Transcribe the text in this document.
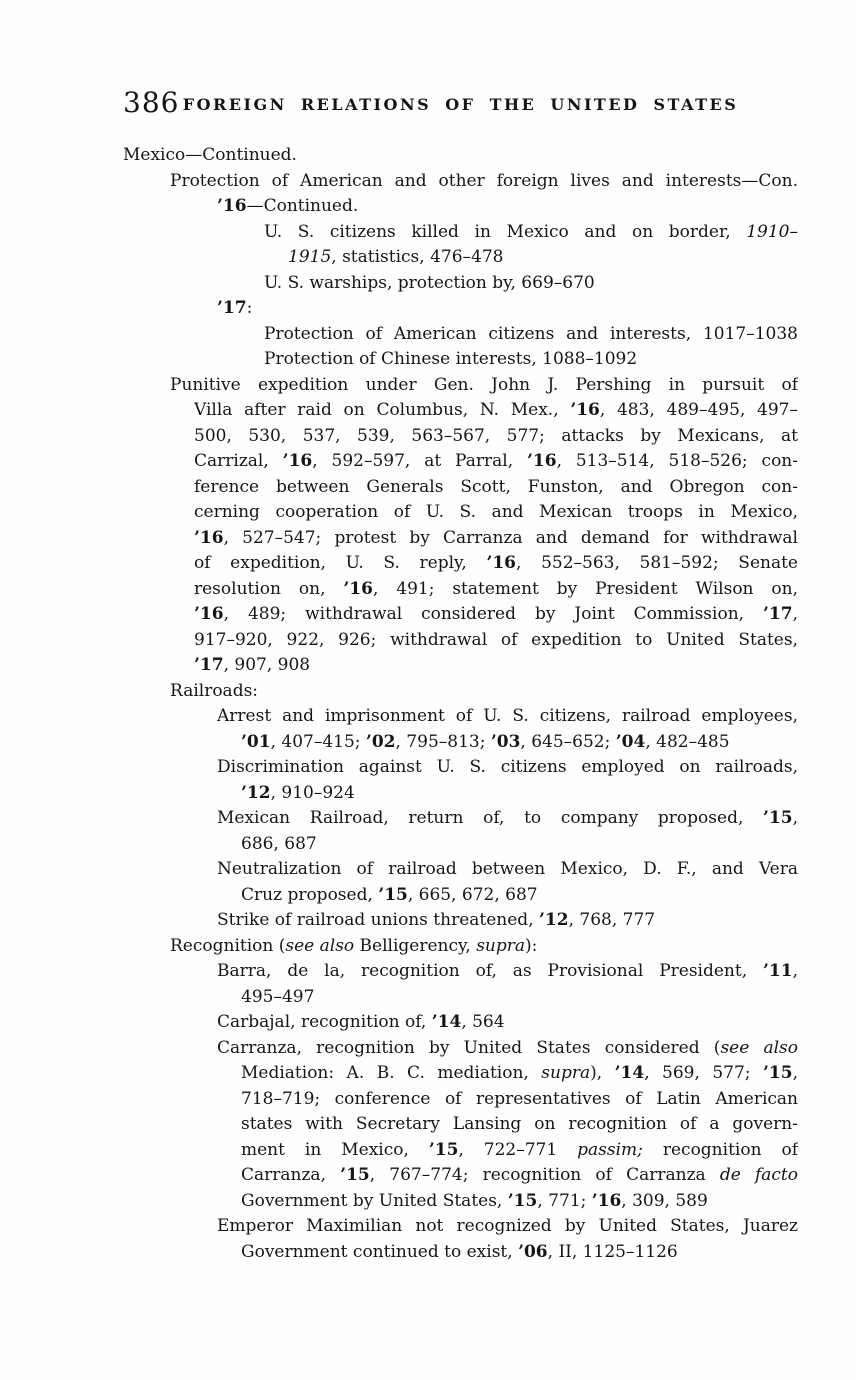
386 FOREIGN RELATIONS OF THE UNITED STATES
Mexico—Continued.
Protection of American and other foreign lives and interests—Con.
’16—Continued.
U. S. citizens killed in Mexico and on border, 1910–
1915, statistics, 476–478
U. S. warships, protection by, 669–670
’17:
Protection of American citizens and interests, 1017–1038
Protection of Chinese interests, 1088–1092
Punitive expedition under Gen. John J. Pershing in pursuit of
Villa after raid on Columbus, N. Mex., ’16, 483, 489–495, 497–
500, 530, 537, 539, 563–567, 577; attacks by Mexicans, at
Carrizal, ’16, 592–597, at Parral, ’16, 513–514, 518–526; con-
ference between Generals Scott, Funston, and Obregon con-
cerning cooperation of U. S. and Mexican troops in Mexico,
’16, 527–547; protest by Carranza and demand for withdrawal
of expedition, U. S. reply, ’16, 552–563, 581–592; Senate
resolution on, ’16, 491; statement by President Wilson on,
’16, 489; withdrawal considered by Joint Commission, ’17,
917–920, 922, 926; withdrawal of expedition to United States,
’17, 907, 908
Railroads:
Arrest and imprisonment of U. S. citizens, railroad employees,
’01, 407–415; ’02, 795–813; ’03, 645–652; ’04, 482–485
Discrimination against U. S. citizens employed on railroads,
’12, 910–924
Mexican Railroad, return of, to company proposed, ’15,
686, 687
Neutralization of railroad between Mexico, D. F., and Vera
Cruz proposed, ’15, 665, 672, 687
Strike of railroad unions threatened, ’12, 768, 777
Recognition (see also Belligerency, supra):
Barra, de la, recognition of, as Provisional President, ’11,
495–497
Carbajal, recognition of, ’14, 564
Carranza, recognition by United States considered (see also
Mediation: A. B. C. mediation, supra), ’14, 569, 577; ’15,
718–719; conference of representatives of Latin American
states with Secretary Lansing on recognition of a govern-
ment in Mexico, ’15, 722–771 passim; recognition of
Carranza, ’15, 767–774; recognition of Carranza de facto
Government by United States, ’15, 771; ’16, 309, 589
Emperor Maximilian not recognized by United States, Juarez
Government continued to exist, ’06, II, 1125–1126
